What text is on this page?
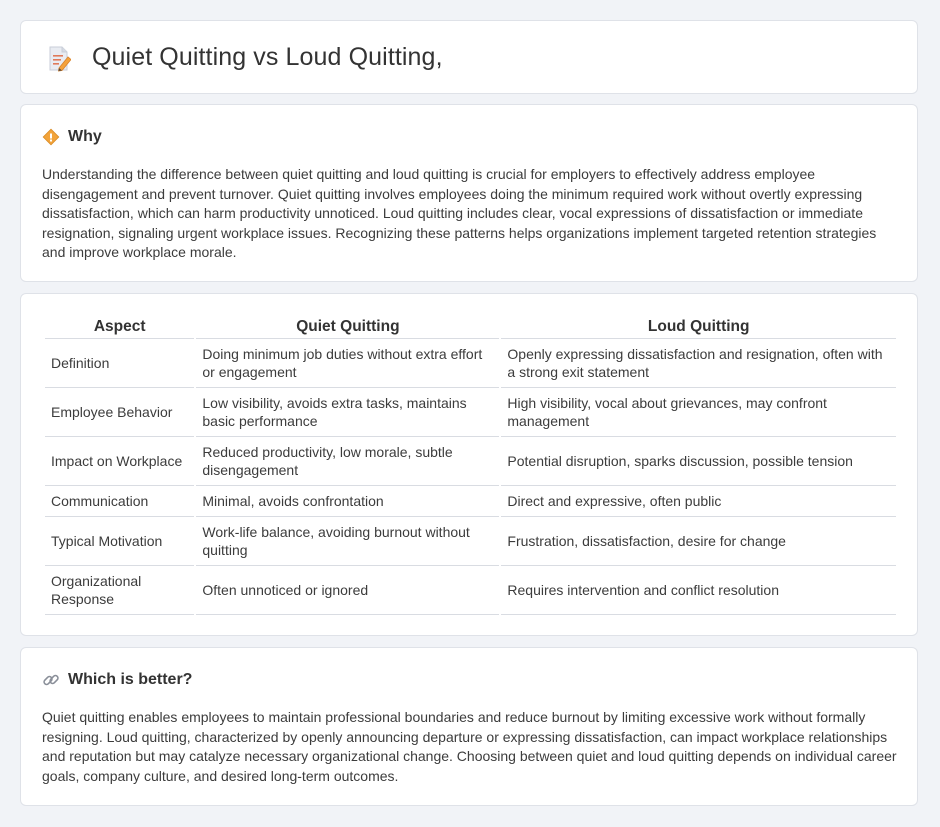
Quiet Quitting vs Loud Quitting,
Why

Understanding the difference between quiet quitting and loud quitting is crucial for employers to effectively address employee disengagement and prevent turnover. Quiet quitting involves employees doing the minimum required work without overtly expressing dissatisfaction, which can harm productivity unnoticed. Loud quitting includes clear, vocal expressions of dissatisfaction or immediate resignation, signaling urgent workplace issues. Recognizing these patterns helps organizations implement targeted retention strategies and improve workplace morale.

Aspect	Quiet Quitting	Loud Quitting
Definition	Doing minimum job duties without extra effort or engagement	Openly expressing dissatisfaction and resignation, often with a strong exit statement
Employee Behavior	Low visibility, avoids extra tasks, maintains basic performance	High visibility, vocal about grievances, may confront management
Impact on Workplace	Reduced productivity, low morale, subtle disengagement	Potential disruption, sparks discussion, possible tension
Communication	Minimal, avoids confrontation	Direct and expressive, often public
Typical Motivation	Work-life balance, avoiding burnout without quitting	Frustration, dissatisfaction, desire for change
Organizational Response	Often unnoticed or ignored	Requires intervention and conflict resolution
Which is better?

Quiet quitting enables employees to maintain professional boundaries and reduce burnout by limiting excessive work without formally resigning. Loud quitting, characterized by openly announcing departure or expressing dissatisfaction, can impact workplace relationships and reputation but may catalyze necessary organizational change. Choosing between quiet and loud quitting depends on individual career goals, company culture, and desired long-term outcomes.
